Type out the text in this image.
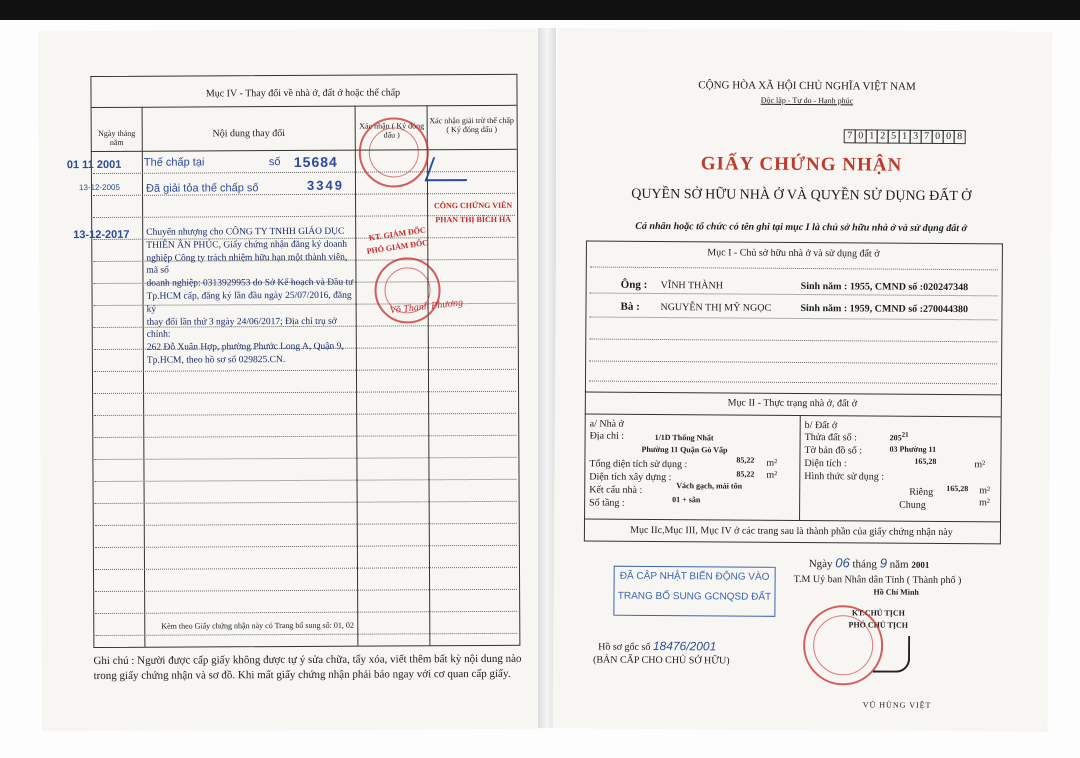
Mục IV - Thay đổi về nhà ở, đất ở hoặc thế chấp
Ngày tháng năm
Nội dung thay đổi
Xác nhận ( Ký đóng dấu )
Xác nhận giải trừ thế chấp ( Ký đóng dấu )
01 11 2001 Thế chấp tại	số 15684
13-12-2005 Đã giải tỏa thế chấp số	3349
CÔNG CHỨNG VIÊN
PHAN THỊ BÍCH HÀ
13-12-2017 Chuyển nhượng cho CÔNG TY TNHH GIÁO DỤC
THIÊN ÂN PHÚC, Giấy chứng nhận đăng ký doanh
nghiệp Công ty trách nhiệm hữu hạn một thành viên, mã số
doanh nghiệp: 0313929953 do Sở Kế hoạch và Đầu tư
Tp.HCM cấp, đăng ký lần đầu ngày 25/07/2016, đăng ký
thay đổi lần thứ 3 ngày 24/06/2017; Địa chỉ trụ sở chính:
262 Đỗ Xuân Hợp, phường Phước Long A, Quận 9,
Tp.HCM, theo hồ sơ số 029825.CN.
KT. GIÁM ĐỐC
PHÓ GIÁM ĐỐC
Võ Thanh Phương
Kèm theo Giấy chứng nhận này có Trang bổ sung số: 01, 02
Ghi chú : Người được cấp giấy không được tự ý sửa chữa, tẩy xóa, viết thêm bất kỳ nội dung nào trong giấy chứng nhận và sơ đồ. Khi mất giấy chứng nhận phải báo ngay với cơ quan cấp giấy.
CỘNG HÒA XÃ HỘI CHỦ NGHĨA VIỆT NAM
Độc lập - Tự do - Hạnh phúc
7 0 1 2 5 1 3 7 0 0 8
GIẤY CHỨNG NHẬN
QUYỀN SỞ HỮU NHÀ Ở VÀ QUYỀN SỬ DỤNG ĐẤT Ở
Cá nhân hoặc tổ chức có tên ghi tại mục I là chủ sở hữu nhà ở và sử dụng đất ở
Mục I - Chủ sở hữu nhà ở và sử dụng đất ở
Ông : VĨNH THÀNH	Sinh năm : 1955, CMND số :020247348
Bà : NGUYỄN THỊ MỸ NGỌC	Sinh năm : 1959, CMND số :270044380
Mục II - Thực trạng nhà ở, đất ở
a/ Nhà ở
Địa chỉ :	1/1D Thống Nhất
Phường 11 Quận Gò Vấp
Tổng diện tích sử dụng :	85,22 m²
Diện tích xây dựng :	85,22 m²
Kết cấu nhà :	Vách gạch, mái tôn
Số tầng :	01 + sân
b/ Đất ở
Thửa đất số :	$205^{21}$
Tờ bản đồ số :	03 Phường 11
Diện tích :	165,28	m²
Hình thức sử dụng :
Riêng 165,28 m²
Chung	m²
Mục IIc,Mục III, Mục IV ở các trang sau là thành phần của giấy chứng nhận này
Ngày 06 tháng 9 năm 2001
T.M Uỷ ban Nhân dân Tỉnh ( Thành phố )
Hồ Chí Minh
ĐÃ CẬP NHẬT BIẾN ĐỘNG VÀO
TRANG BỔ SUNG GCNQSD ĐẤT
KT.CHỦ TỊCH
PHÓ CHỦ TỊCH
Hồ sơ gốc số 18476/2001
(BẢN CẤP CHO CHỦ SỞ HỮU)
VŨ HÙNG VIỆT
